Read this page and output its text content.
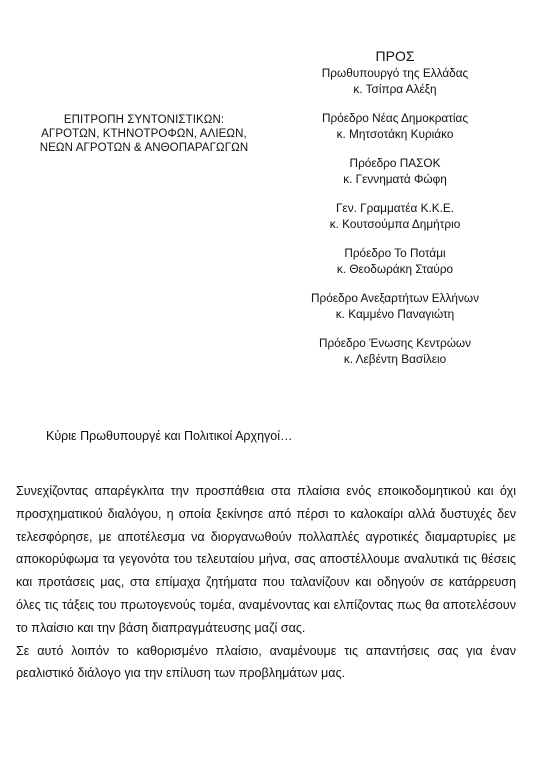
ΕΠΙΤΡΟΠΗ ΣΥΝΤΟΝΙΣΤΙΚΩΝ:
ΑΓΡΟΤΩΝ, ΚΤΗΝΟΤΡΟΦΩΝ, ΑΛΙΕΩΝ,
ΝΕΩΝ ΑΓΡΟΤΩΝ & ΑΝΘΟΠΑΡΑΓΩΓΩΝ
ΠΡΟΣ
Πρωθυπουργό της Ελλάδας
κ. Τσίπρα Αλέξη
Πρόεδρο Νέας Δημοκρατίας
κ. Μητσοτάκη Κυριάκο
Πρόεδρο ΠΑΣΟΚ
κ. Γεννηματά Φώφη
Γεν. Γραμματέα Κ.Κ.Ε.
κ. Κουτσούμπα Δημήτριο
Πρόεδρο Το Ποτάμι
κ. Θεοδωράκη Σταύρο
Πρόεδρο Ανεξαρτήτων Ελλήνων
κ. Καμμένο Παναγιώτη
Πρόεδρο Ένωσης Κεντρώων
κ. Λεβέντη Βασίλειο
Κύριε Πρωθυπουργέ και Πολιτικοί Αρχηγοί…

Συνεχίζοντας απαρέγκλιτα την προσπάθεια στα πλαίσια ενός εποικοδομητικού και όχι προσχηματικού διαλόγου, η οποία ξεκίνησε από πέρσι το καλοκαίρι αλλά δυστυχές δεν τελεσφόρησε, με αποτέλεσμα να διοργανωθούν πολλαπλές αγροτικές διαμαρτυρίες με αποκορύφωμα τα γεγονότα του τελευταίου μήνα, σας αποστέλλουμε αναλυτικά τις θέσεις και προτάσεις μας, στα επίμαχα ζητήματα που ταλανίζουν και οδηγούν σε κατάρρευση όλες τις τάξεις του πρωτογενούς τομέα, αναμένοντας και ελπίζοντας πως θα αποτελέσουν το πλαίσιο και την βάση διαπραγμάτευσης μαζί σας.

Σε αυτό λοιπόν το καθορισμένο πλαίσιο, αναμένουμε τις απαντήσεις σας για έναν ρεαλιστικό διάλογο για την επίλυση των προβλημάτων μας.
